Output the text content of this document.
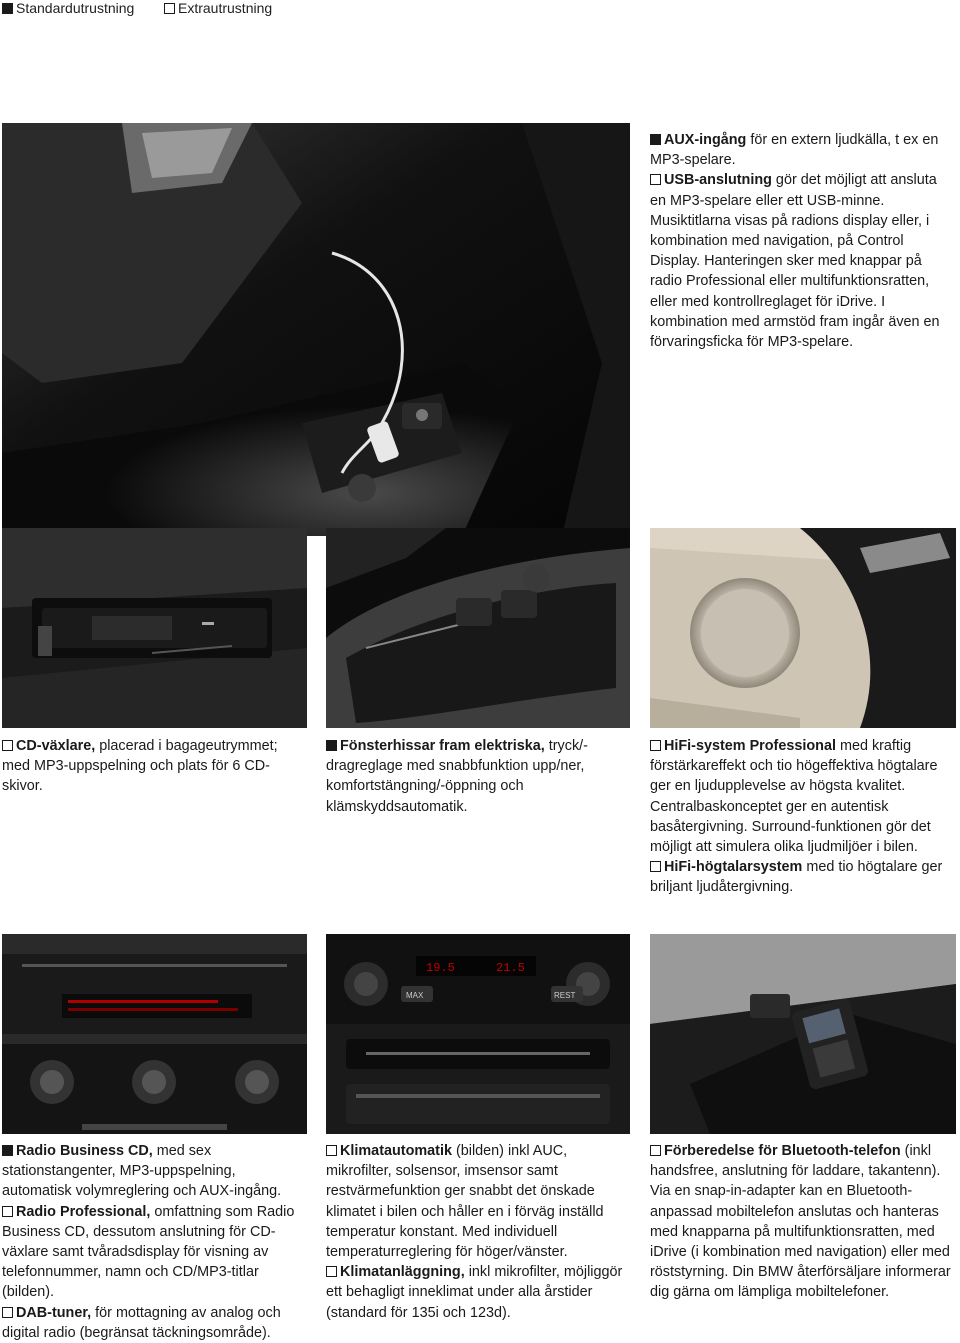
Standardutrustning	Extrautrustning

AUX-ingång för en extern ljudkälla, t ex en MP3-spelare.

USB-anslutning gör det möjligt att ansluta en MP3-spelare eller ett USB-minne. Musiktitlarna visas på radions display eller, i kombination med navigation, på Control Display. Hanteringen sker med knappar på radio Professional eller multifunktionsratten, eller med kontrollreglaget för iDrive. I kombination med armstöd fram ingår även en förvaringsficka för MP3-spelare.

CD-växlare, placerad i bagageutrymmet; med MP3-uppspelning och plats för 6 CD-skivor.

Fönsterhissar fram elektriska, tryck/-dragreglage med snabbfunktion upp/ner, komfortstängning/-öppning och klämskyddsautomatik.

HiFi-system Professional med kraftig förstärkareffekt och tio högeffektiva högtalare ger en ljudupplevelse av högsta kvalitet. Centralbaskonceptet ger en autentisk basåtergivning. Surround-funktionen gör det möjligt att simulera olika ljudmiljöer i bilen.

HiFi-högtalarsystem med tio högtalare ger briljant ljudåtergivning.

19.5	21.5
MAX	REST

Radio Business CD, med sex stationstangenter, MP3-uppspelning, automatisk volymreglering och AUX-ingång.

Radio Professional, omfattning som Radio Business CD, dessutom anslutning för CD-växlare samt tvåradsdisplay för visning av telefonnummer, namn och CD/MP3-titlar (bilden).

DAB-tuner, för mottagning av analog och digital radio (begränsat täckningsområde).

Klimatautomatik (bilden) inkl AUC, mikrofilter, solsensor, imsensor samt restvärmefunktion ger snabbt det önskade klimatet i bilen och håller en i förväg inställd temperatur konstant. Med individuell temperaturreglering för höger/vänster.

Klimatanläggning, inkl mikrofilter, möjliggör ett behagligt inneklimat under alla årstider (standard för 135i och 123d).

Förberedelse för Bluetooth-telefon (inkl handsfree, anslutning för laddare, takantenn). Via en snap-in-adapter kan en Bluetooth-anpassad mobiltelefon anslutas och hanteras med knapparna på multifunktionsratten, med iDrive (i kombination med navigation) eller med röststyrning. Din BMW återförsäljare informerar dig gärna om lämpliga mobiltelefoner.
